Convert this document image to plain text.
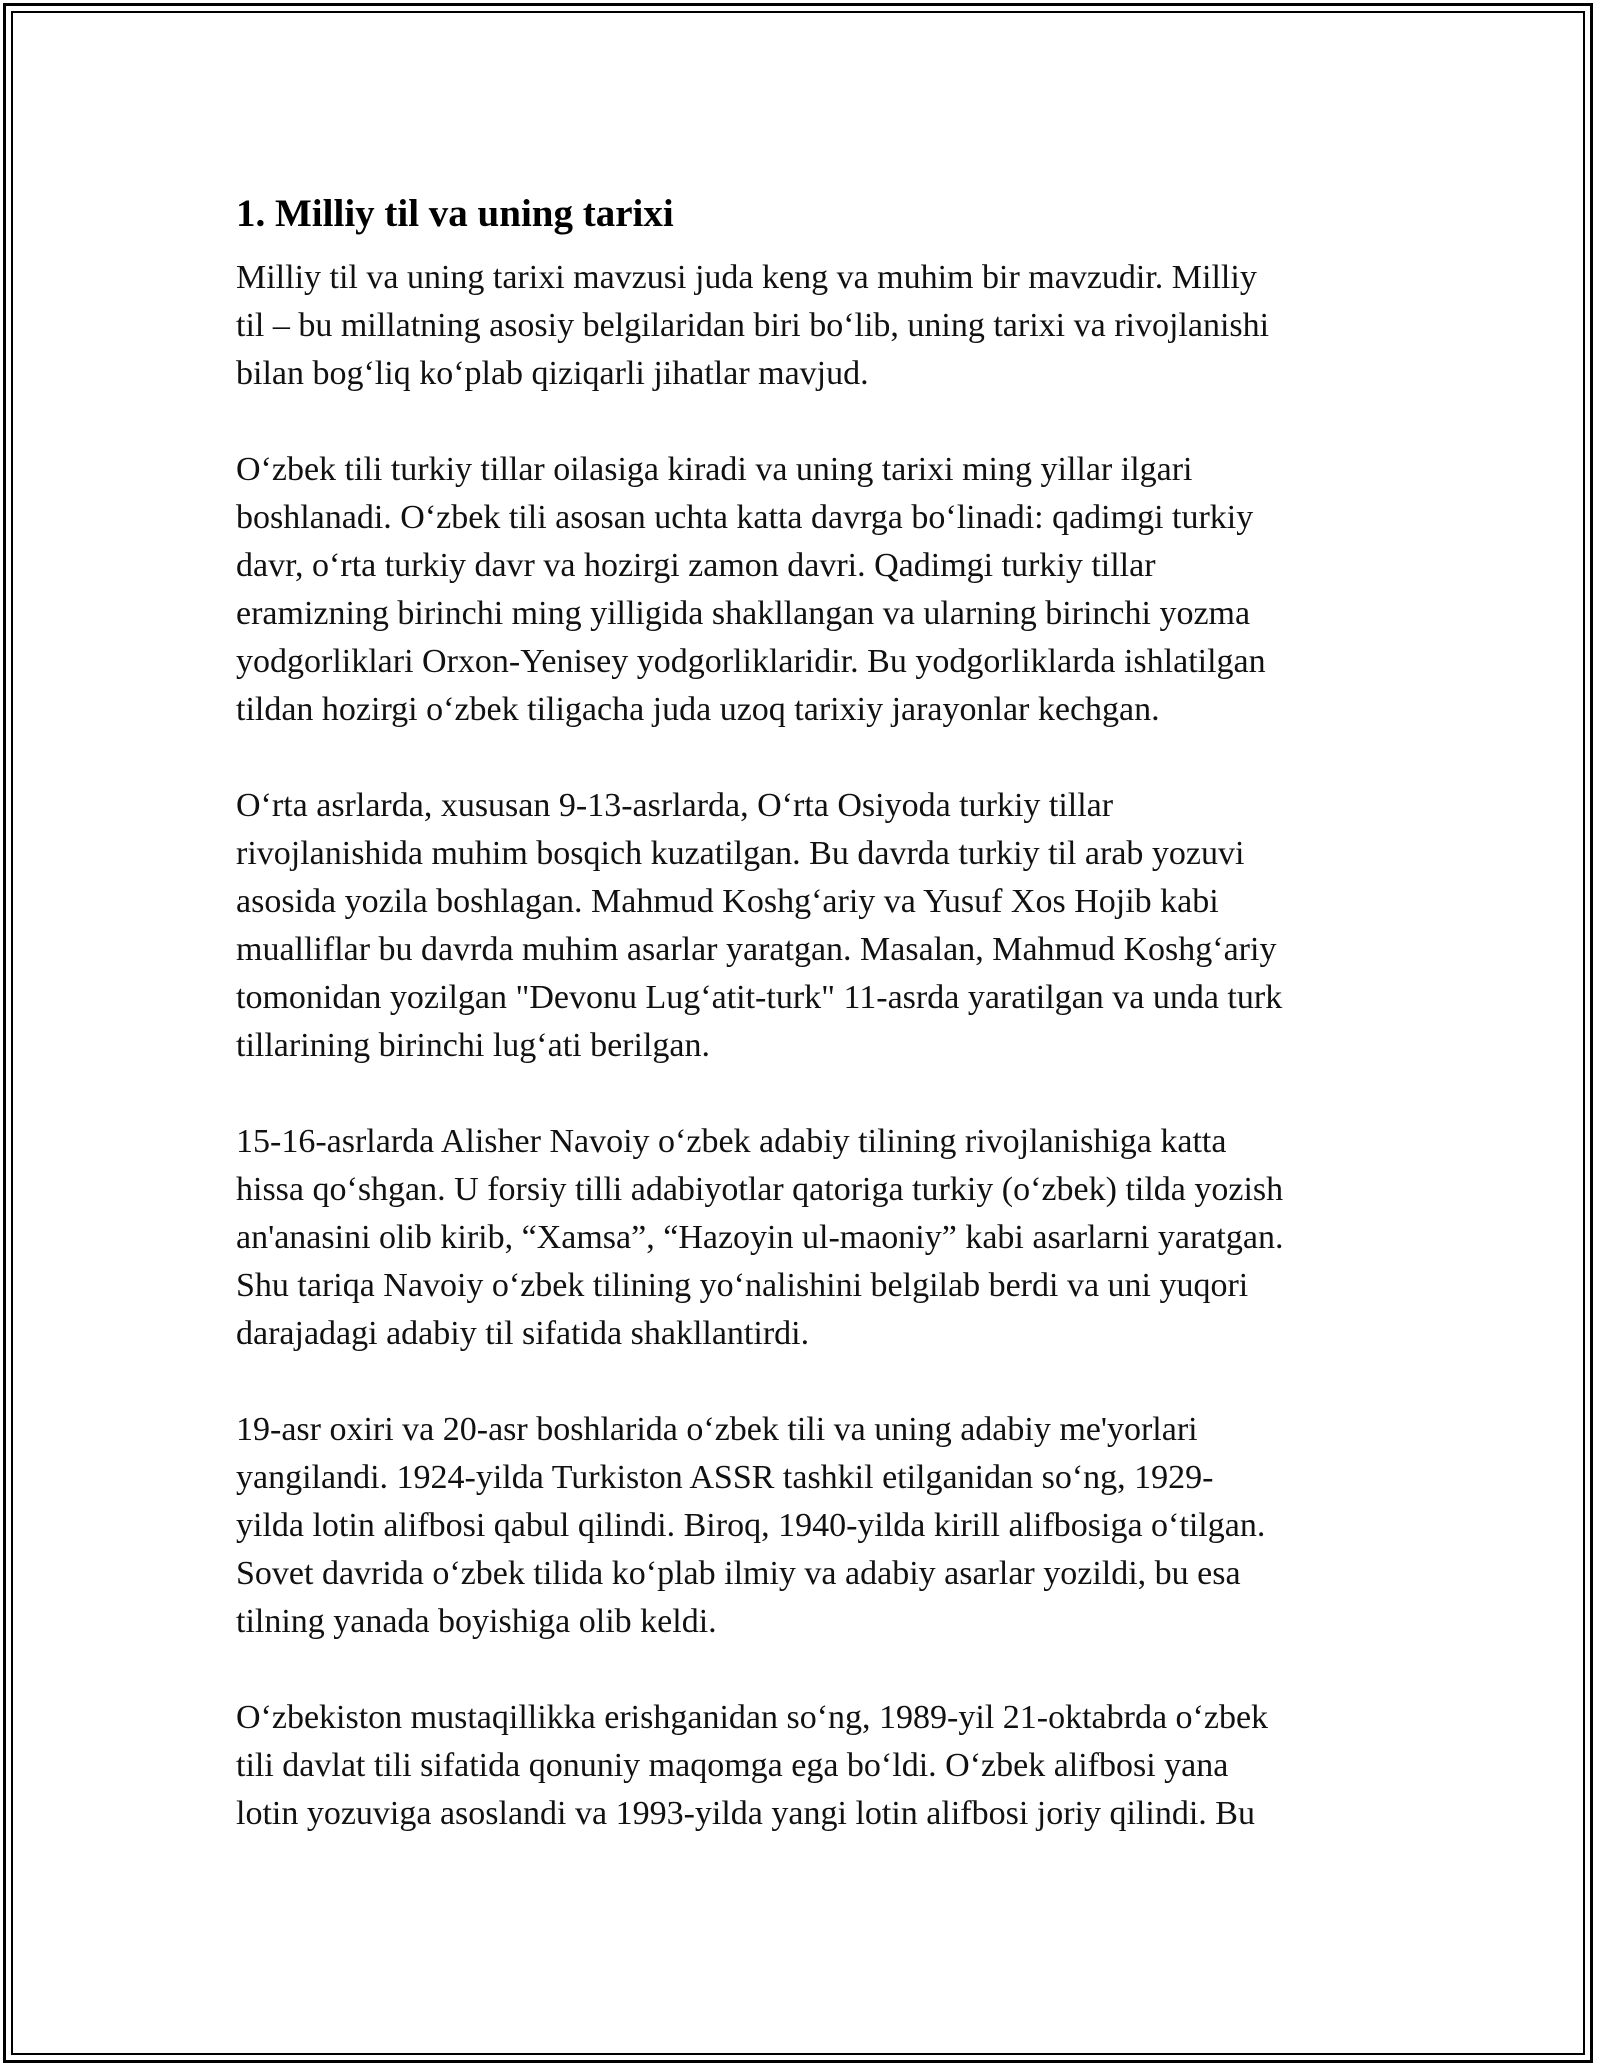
1. Milliy til va uning tarixi

Milliy til va uning tarixi mavzusi juda keng va muhim bir mavzudir. Milliy
til – bu millatning asosiy belgilaridan biri bo‘lib, uning tarixi va rivojlanishi
bilan bog‘liq ko‘plab qiziqarli jihatlar mavjud.

O‘zbek tili turkiy tillar oilasiga kiradi va uning tarixi ming yillar ilgari
boshlanadi. O‘zbek tili asosan uchta katta davrga bo‘linadi: qadimgi turkiy
davr, o‘rta turkiy davr va hozirgi zamon davri. Qadimgi turkiy tillar
eramizning birinchi ming yilligida shakllangan va ularning birinchi yozma
yodgorliklari Orxon-Yenisey yodgorliklaridir. Bu yodgorliklarda ishlatilgan
tildan hozirgi o‘zbek tiligacha juda uzoq tarixiy jarayonlar kechgan.

O‘rta asrlarda, xususan 9-13-asrlarda, O‘rta Osiyoda turkiy tillar
rivojlanishida muhim bosqich kuzatilgan. Bu davrda turkiy til arab yozuvi
asosida yozila boshlagan. Mahmud Koshg‘ariy va Yusuf Xos Hojib kabi
mualliflar bu davrda muhim asarlar yaratgan. Masalan, Mahmud Koshg‘ariy
tomonidan yozilgan "Devonu Lug‘atit-turk" 11-asrda yaratilgan va unda turk
tillarining birinchi lug‘ati berilgan.

15-16-asrlarda Alisher Navoiy o‘zbek adabiy tilining rivojlanishiga katta
hissa qo‘shgan. U forsiy tilli adabiyotlar qatoriga turkiy (o‘zbek) tilda yozish
an'anasini olib kirib, “Xamsa”, “Hazoyin ul-maoniy” kabi asarlarni yaratgan.
Shu tariqa Navoiy o‘zbek tilining yo‘nalishini belgilab berdi va uni yuqori
darajadagi adabiy til sifatida shakllantirdi.

19-asr oxiri va 20-asr boshlarida o‘zbek tili va uning adabiy me'yorlari
yangilandi. 1924-yilda Turkiston ASSR tashkil etilganidan so‘ng, 1929-
yilda lotin alifbosi qabul qilindi. Biroq, 1940-yilda kirill alifbosiga o‘tilgan.
Sovet davrida o‘zbek tilida ko‘plab ilmiy va adabiy asarlar yozildi, bu esa
tilning yanada boyishiga olib keldi.

O‘zbekiston mustaqillikka erishganidan so‘ng, 1989-yil 21-oktabrda o‘zbek
tili davlat tili sifatida qonuniy maqomga ega bo‘ldi. O‘zbek alifbosi yana
lotin yozuviga asoslandi va 1993-yilda yangi lotin alifbosi joriy qilindi. Bu
